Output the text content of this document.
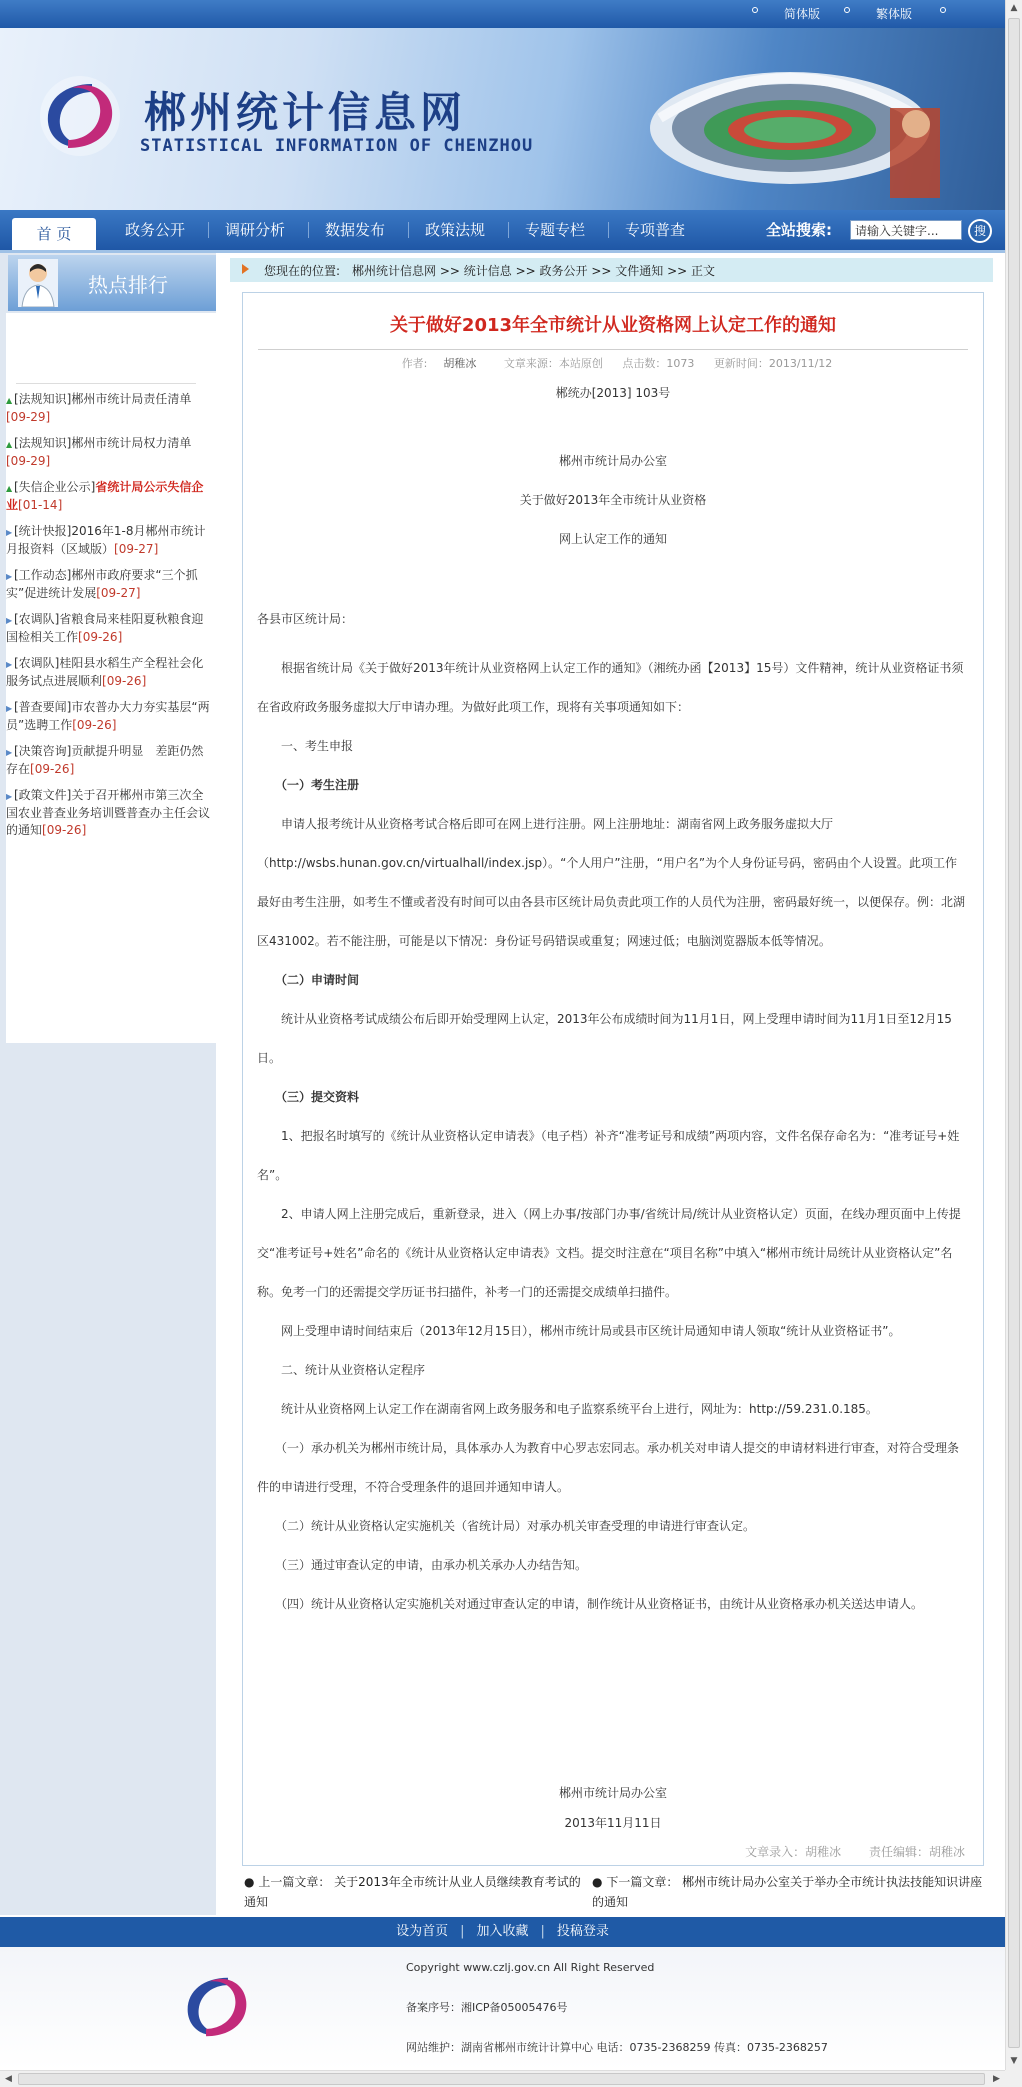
简体版	繁体版
郴州统计信息网
STATISTICAL INFORMATION OF CHENZHOU
首 页	政务公开	调研分析	数据发布	政策法规	专题专栏	专项普查	全站搜索:
请输入关键字...	搜
热点排行
▲ [法规知识]郴州市统计局责任清单
[09-29]
▲ [法规知识]郴州市统计局权力清单
[09-29]
▲ [失信企业公示]省统计局公示失信企业[01-14]
▶ [统计快报]2016年1-8月郴州市统计月报资料（区域版）[09-27]
▶ [工作动态]郴州市政府要求“三个抓实”促进统计发展[09-27]
▶ [农调队]省粮食局来桂阳夏秋粮食迎国检相关工作[09-26]
▶ [农调队]桂阳县水稻生产全程社会化服务试点进展顺利[09-26]
▶ [普查要闻]市农普办大力夯实基层“两员”选聘工作[09-26]
▶ [决策咨询]贡献提升明显　差距仍然存在[09-26]
▶ [政策文件]关于召开郴州市第三次全国农业普查业务培训暨普查办主任会议的通知[09-26]
您现在的位置:　郴州统计信息网 >> 统计信息 >> 政务公开 >> 文件通知 >> 正文
关于做好2013年全市统计从业资格网上认定工作的通知
作者: 胡稚冰	文章来源：本站原创 点击数：1073 更新时间：2013/11/12
郴统办[2013] 103号
郴州市统计局办公室
关于做好2013年全市统计从业资格
网上认定工作的通知
各县市区统计局：
　　根据省统计局《关于做好2013年统计从业资格网上认定工作的通知》（湘统办函【2013】15号）文件精神，统计从业资格证书须在省政府政务服务虚拟大厅申请办理。为做好此项工作，现将有关事项通知如下：
　　一、考生申报
　　（一）考生注册
　　申请人报考统计从业资格考试合格后即可在网上进行注册。网上注册地址：湖南省网上政务服务虚拟大厅（http://wsbs.hunan.gov.cn/virtualhall/index.jsp）。“个人用户”注册，“用户名”为个人身份证号码，密码由个人设置。此项工作最好由考生注册，如考生不懂或者没有时间可以由各县市区统计局负责此项工作的人员代为注册，密码最好统一，以便保存。例：北湖区431002。若不能注册，可能是以下情况：身份证号码错误或重复；网速过低；电脑浏览器版本低等情况。
　　（二）申请时间
　　统计从业资格考试成绩公布后即开始受理网上认定，2013年公布成绩时间为11月1日，网上受理申请时间为11月1日至12月15日。
　　（三）提交资料
　　1、把报名时填写的《统计从业资格认定申请表》（电子档）补齐“准考证号和成绩”两项内容，文件名保存命名为：“准考证号+姓名”。
　　2、申请人网上注册完成后，重新登录，进入（网上办事/按部门办事/省统计局/统计从业资格认定）页面，在线办理页面中上传提交“准考证号+姓名”命名的《统计从业资格认定申请表》文档。提交时注意在“项目名称”中填入“郴州市统计局统计从业资格认定”名称。免考一门的还需提交学历证书扫描件，补考一门的还需提交成绩单扫描件。
　　网上受理申请时间结束后（2013年12月15日），郴州市统计局或县市区统计局通知申请人领取“统计从业资格证书”。
　　二、统计从业资格认定程序
　　统计从业资格网上认定工作在湖南省网上政务服务和电子监察系统平台上进行，网址为：http://59.231.0.185。
　　（一）承办机关为郴州市统计局，具体承办人为教育中心罗志宏同志。承办机关对申请人提交的申请材料进行审查，对符合受理条件的申请进行受理，不符合受理条件的退回并通知申请人。
　　（二）统计从业资格认定实施机关（省统计局）对承办机关审查受理的申请进行审查认定。
　　（三）通过审查认定的申请，由承办机关承办人办结告知。
　　（四）统计从业资格认定实施机关对通过审查认定的申请，制作统计从业资格证书，由统计从业资格承办机关送达申请人。
郴州市统计局办公室
2013年11月11日
文章录入：胡稚冰 责任编辑：胡稚冰
● 上一篇文章： 关于2013年全市统计从业人员继续教育考试的通知
● 下一篇文章： 郴州市统计局办公室关于举办全市统计执法技能知识讲座的通知
设为首页 | 加入收藏 | 投稿登录
Copyright www.czlj.gov.cn All Right Reserved
备案序号：湘ICP备05005476号
网站维护：湖南省郴州市统计计算中心 电话：0735-2368259 传真：0735-2368257
▲
▼
◀	▶
